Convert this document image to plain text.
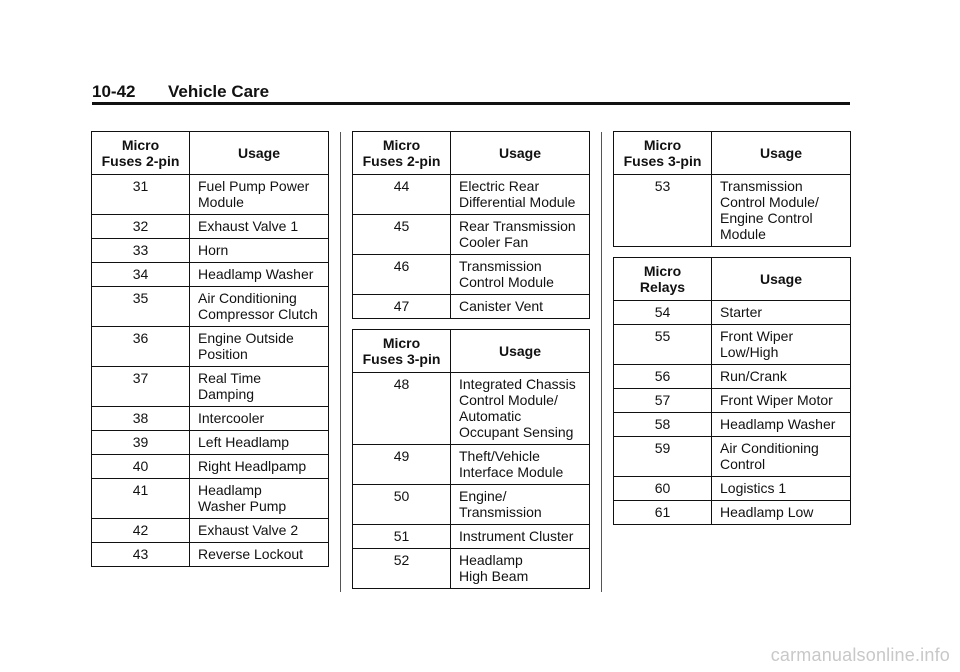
10-42 Vehicle Care
Micro
Fuses 2-pin	Usage

31	Fuel Pump Power
Module

32	Exhaust Valve 1

33	Horn

34	Headlamp Washer

35	Air Conditioning
Compressor Clutch

36	Engine Outside
Position

37	Real Time
Damping

38	Intercooler

39	Left Headlamp

40	Right Headlpamp

41	Headlamp
Washer Pump

42	Exhaust Valve 2

43	Reverse Lockout
Micro
Fuses 2-pin	Usage

44	Electric Rear
Differential Module

45	Rear Transmission
Cooler Fan

46	Transmission
Control Module

47	Canister Vent
Micro
Fuses 3-pin	Usage

48	Integrated Chassis
Control Module/
Automatic
Occupant Sensing

49	Theft/Vehicle
Interface Module

50	Engine/
Transmission

51	Instrument Cluster

52	Headlamp
High Beam
Micro
Fuses 3-pin	Usage

53	Transmission
Control Module/
Engine Control
Module
Micro
Relays	Usage

54	Starter

55	Front Wiper
Low/High

56	Run/Crank

57	Front Wiper Motor

58	Headlamp Washer

59	Air Conditioning
Control

60	Logistics 1

61	Headlamp Low
carmanualsonline.info
